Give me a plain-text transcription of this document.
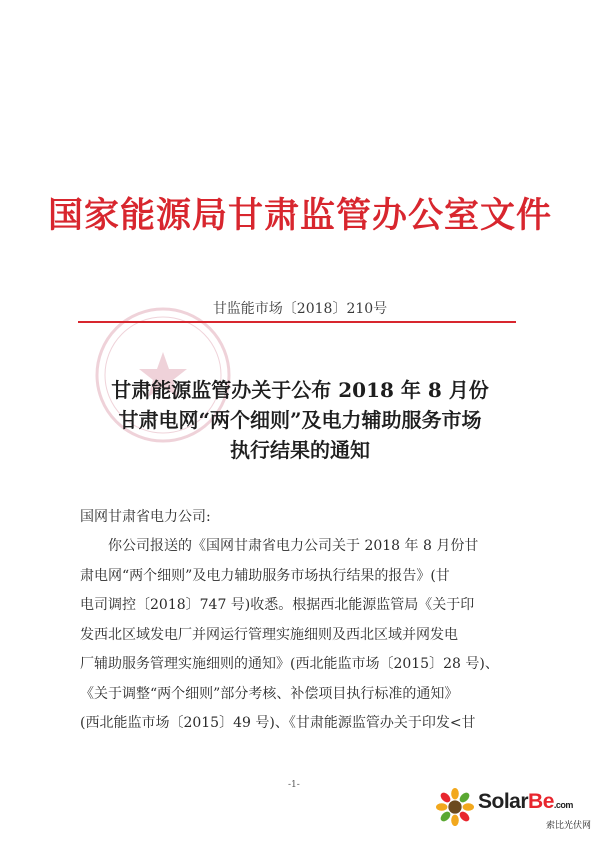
国家能源局甘肃监管办公室文件
甘监能市场〔2018〕210号
甘肃能源监管办关于公布 2018 年 8 月份
甘肃电网“两个细则”及电力辅助服务市场
执行结果的通知
国网甘肃省电力公司:
你公司报送的《国网甘肃省电力公司关于 2018 年 8 月份甘
肃电网“两个细则”及电力辅助服务市场执行结果的报告》(甘
电司调控〔2018〕747 号)收悉。根据西北能源监管局《关于印
发西北区域发电厂并网运行管理实施细则及西北区域并网发电
厂辅助服务管理实施细则的通知》(西北能监市场〔2015〕28 号)、
《关于调整“两个细则”部分考核、补偿项目执行标准的通知》
(西北能监市场〔2015〕49 号)、《甘肃能源监管办关于印发<甘
-1-
SolarBe.com
索比光伏网
